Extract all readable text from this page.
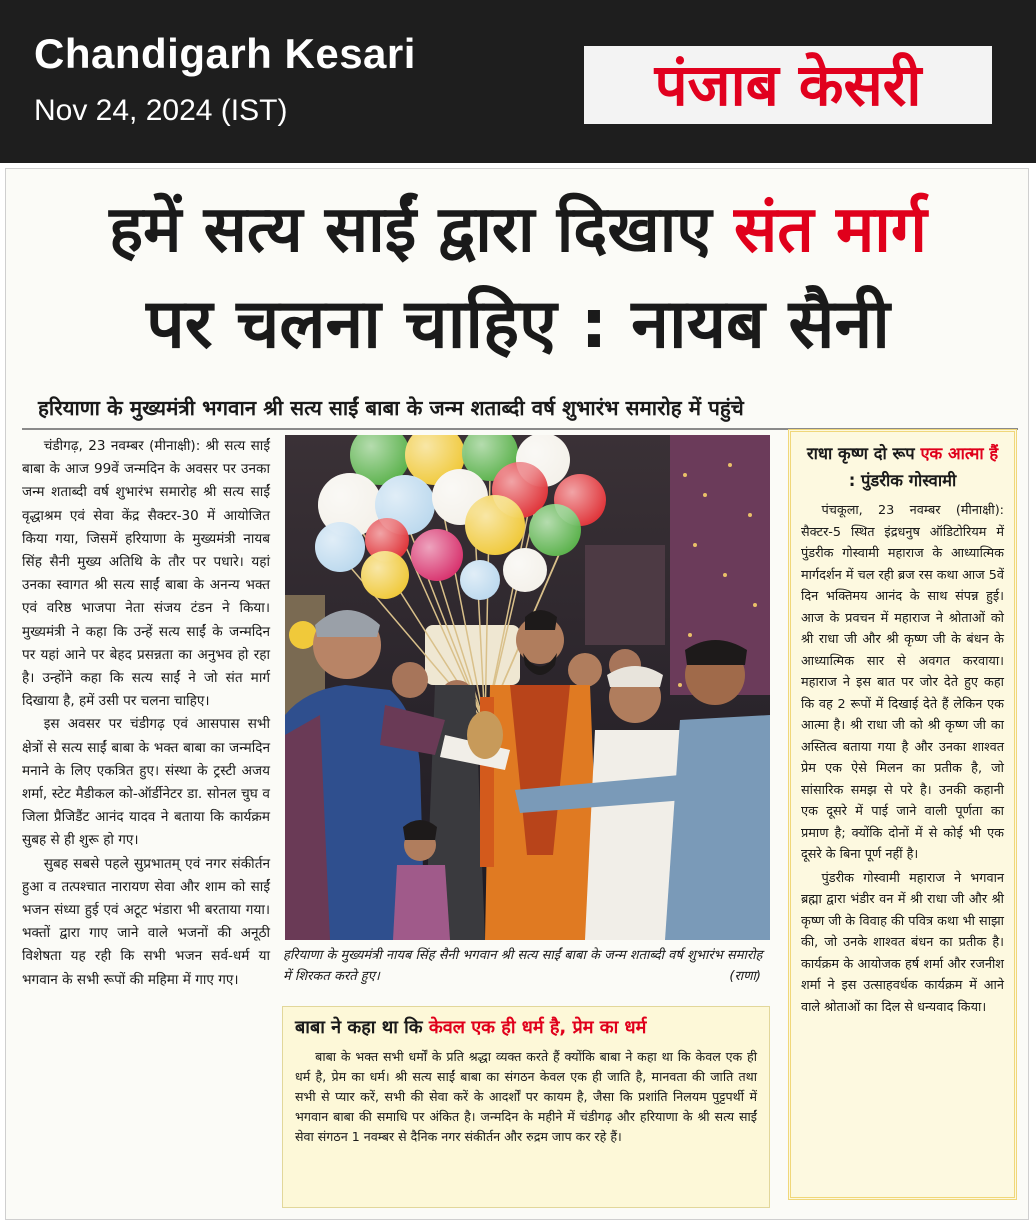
Chandigarh Kesari
Nov 24, 2024 (IST)	पंजाब केसरी
हमें सत्य साईं द्वारा दिखाए संत मार्ग
पर चलना चाहिए : नायब सैनी
हरियाणा के मुख्यमंत्री भगवान श्री सत्य साईं बाबा के जन्म शताब्दी वर्ष शुभारंभ समारोह में पहुंचे

चंडीगढ़, 23 नवम्बर (मीनाक्षी): श्री सत्य साईं बाबा के आज 99वें जन्मदिन के अवसर पर उनका जन्म शताब्दी वर्ष शुभारंभ समारोह श्री सत्य साईं वृद्धाश्रम एवं सेवा केंद्र सैक्टर-30 में आयोजित किया गया, जिसमें हरियाणा के मुख्यमंत्री नायब सिंह सैनी मुख्य अतिथि के तौर पर पधारे। यहां उनका स्वागत श्री सत्य साईं बाबा के अनन्य भक्त एवं वरिष्ठ भाजपा नेता संजय टंडन ने किया। मुख्यमंत्री ने कहा कि उन्हें सत्य साईं के जन्मदिन पर यहां आने पर बेहद प्रसन्नता का अनुभव हो रहा है। उन्होंने कहा कि सत्य साईं ने जो संत मार्ग दिखाया है, हमें उसी पर चलना चाहिए।

इस अवसर पर चंडीगढ़ एवं आसपास सभी क्षेत्रों से सत्य साईं बाबा के भक्त बाबा का जन्मदिन मनाने के लिए एकत्रित हुए। संस्था के ट्रस्टी अजय शर्मा, स्टेट मैडीकल को-ऑर्डीनेटर डा. सोनल चुघ व जिला प्रैजिडैंट आनंद यादव ने बताया कि कार्यक्रम सुबह से ही शुरू हो गए।

सुबह सबसे पहले सुप्रभातम् एवं नगर संकीर्तन हुआ व तत्पश्चात नारायण सेवा और शाम को साईं भजन संध्या हुई एवं अटूट भंडारा भी बरताया गया। भक्तों द्वारा गाए जाने वाले भजनों की अनूठी विशेषता यह रही कि सभी भजन सर्व-धर्म या भगवान के सभी रूपों की महिमा में गाए गए।

हरियाणा के मुख्यमंत्री नायब सिंह सैनी भगवान श्री सत्य साईं बाबा के जन्म शताब्दी वर्ष शुभारंभ समारोह में शिरकत करते हुए।	(राणा)
बाबा ने कहा था कि केवल एक ही धर्म है, प्रेम का धर्म

बाबा के भक्त सभी धर्मों के प्रति श्रद्धा व्यक्त करते हैं क्योंकि बाबा ने कहा था कि केवल एक ही धर्म है, प्रेम का धर्म। श्री सत्य साईं बाबा का संगठन केवल एक ही जाति है, मानवता की जाति तथा सभी से प्यार करें, सभी की सेवा करें के आदर्शों पर कायम है, जैसा कि प्रशांति निलयम पुट्टपर्थी में भगवान बाबा की समाधि पर अंकित है। जन्मदिन के महीने में चंडीगढ़ और हरियाणा के श्री सत्य साईं सेवा संगठन 1 नवम्बर से दैनिक नगर संकीर्तन और रुद्रम जाप कर रहे हैं।

राधा कृष्ण दो रूप एक आत्मा हैं : पुंडरीक गोस्वामी

पंचकूला, 23 नवम्बर (मीनाक्षी): सैक्टर-5 स्थित इंद्रधनुष ऑडिटोरियम में पुंडरीक गोस्वामी महाराज के आध्यात्मिक मार्गदर्शन में चल रही ब्रज रस कथा आज 5वें दिन भक्तिमय आनंद के साथ संपन्न हुई। आज के प्रवचन में महाराज ने श्रोताओं को श्री राधा जी और श्री कृष्ण जी के बंधन के आध्यात्मिक सार से अवगत करवाया। महाराज ने इस बात पर जोर देते हुए कहा कि वह 2 रूपों में दिखाई देते हैं लेकिन एक आत्मा है। श्री राधा जी को श्री कृष्ण जी का अस्तित्व बताया गया है और उनका शाश्वत प्रेम एक ऐसे मिलन का प्रतीक है, जो सांसारिक समझ से परे है। उनकी कहानी एक दूसरे में पाई जाने वाली पूर्णता का प्रमाण है; क्योंकि दोनों में से कोई भी एक दूसरे के बिना पूर्ण नहीं है।

पुंडरीक गोस्वामी महाराज ने भगवान ब्रह्मा द्वारा भंडीर वन में श्री राधा जी और श्री कृष्ण जी के विवाह की पवित्र कथा भी साझा की, जो उनके शाश्वत बंधन का प्रतीक है। कार्यक्रम के आयोजक हर्ष शर्मा और रजनीश शर्मा ने इस उत्साहवर्धक कार्यक्रम में आने वाले श्रोताओं का दिल से धन्यवाद किया।
